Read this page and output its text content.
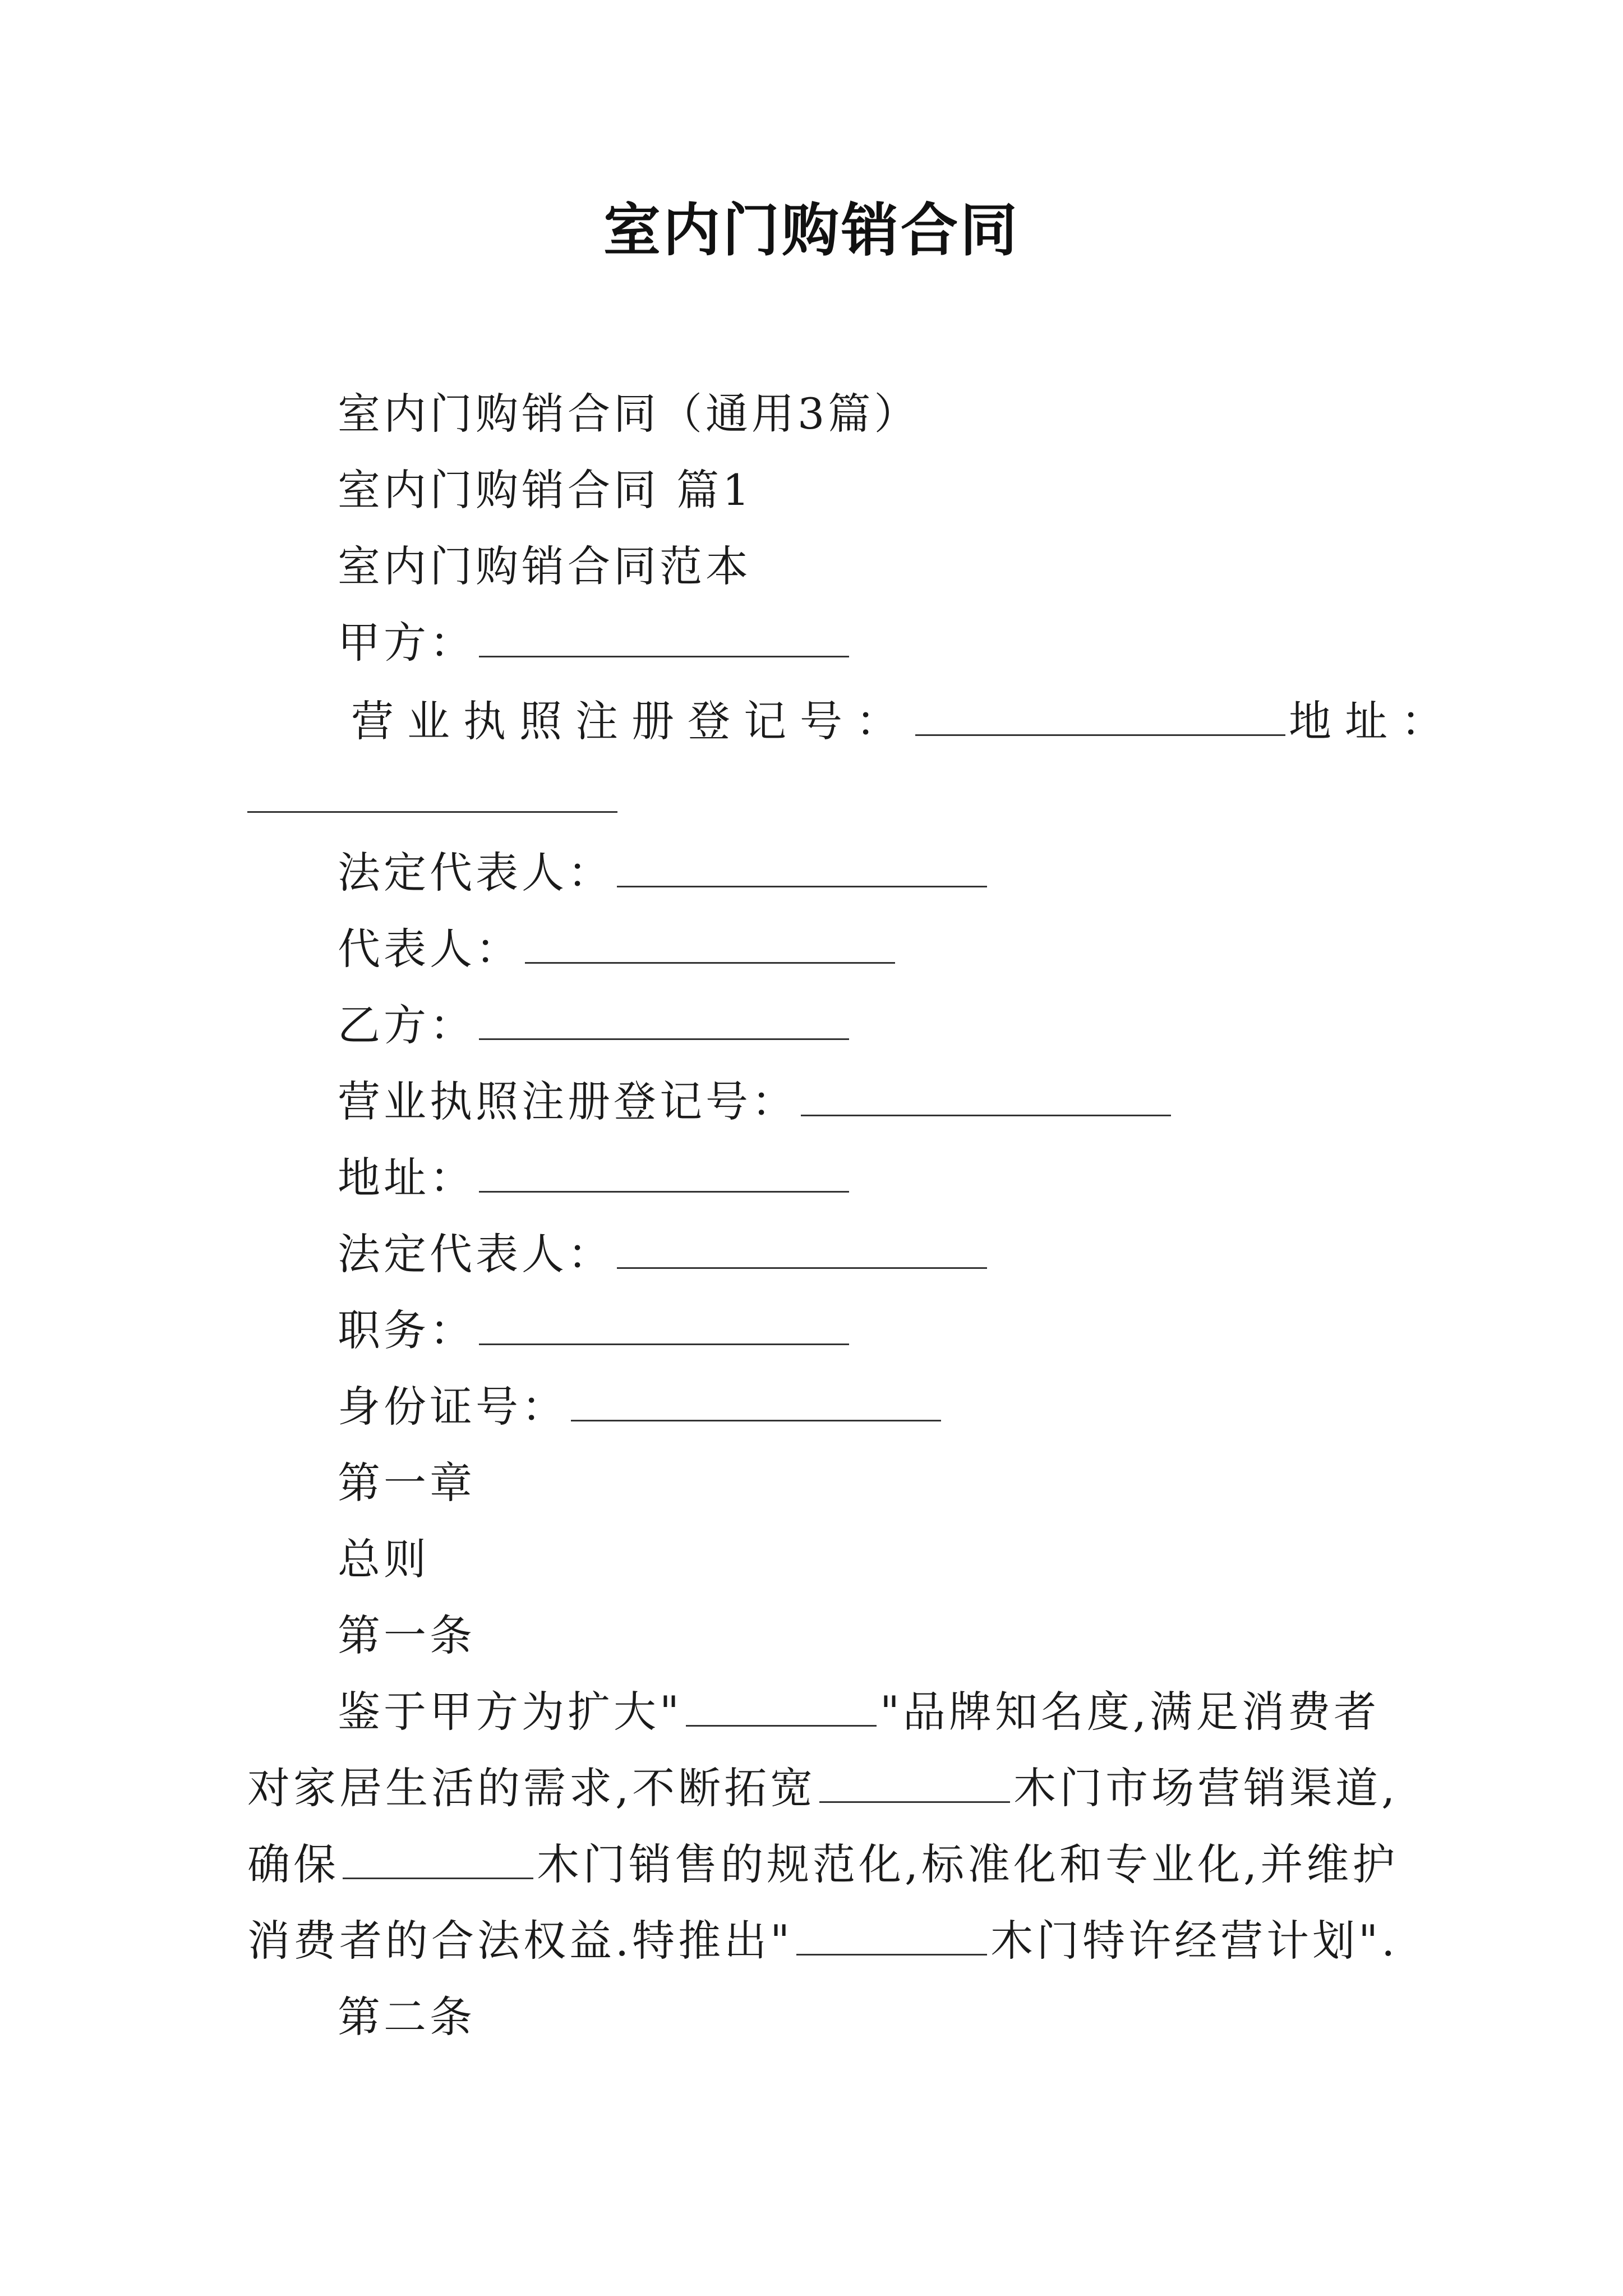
室内门购销合同
室内门购销合同（通用3篇）
室内门购销合同 篇1
室内门购销合同范本
甲方：
营业执照注册登记号：	地址：
法定代表人：
代表人：
乙方：
营业执照注册登记号：
地址：
法定代表人：
职务：
身份证号：
第一章
总则
第一条
鉴于甲方为扩大"	"品牌知名度,满足消费者
对家居生活的需求,不断拓宽	木门市场营销渠道,
确保	木门销售的规范化,标准化和专业化,并维护
消费者的合法权益.特推出"	木门特许经营计划".
第二条
